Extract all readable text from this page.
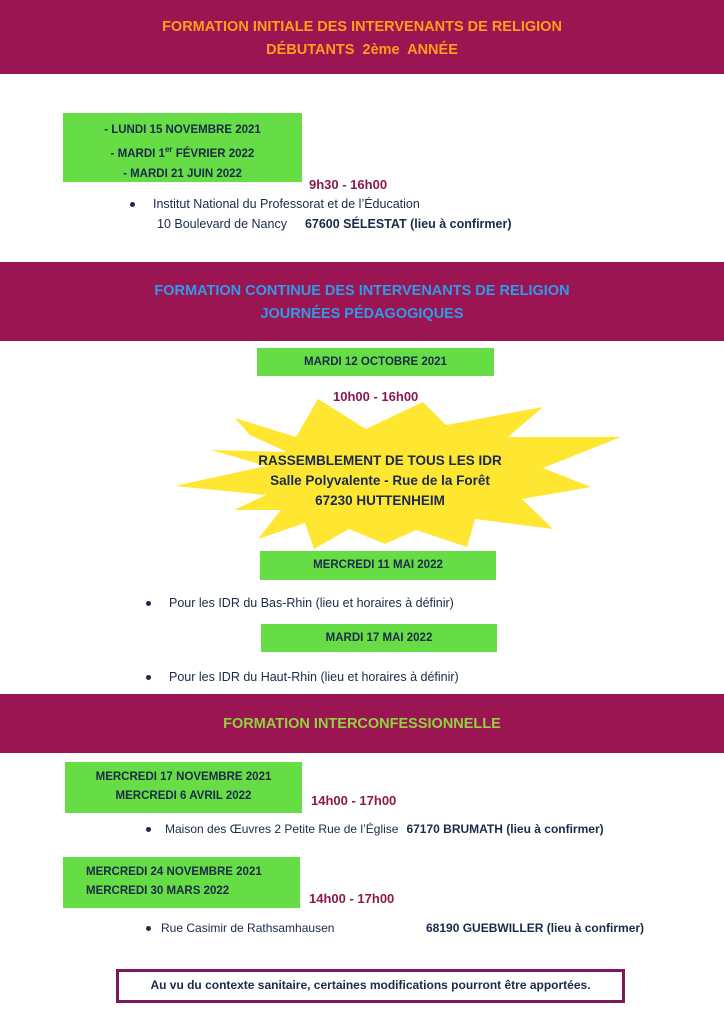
FORMATION INITIALE DES INTERVENANTS DE RELIGION
DÉBUTANTS  2ème  ANNÉE
- LUNDI 15 NOVEMBRE 2021
- MARDI 1er FÉVRIER 2022
- MARDI 21 JUIN 2022
9h30 - 16h00
Institut National du Professorat et de l’Éducation
10 Boulevard de Nancy 67600 SÉLESTAT (lieu à confirmer)
FORMATION CONTINUE DES INTERVENANTS DE RELIGION
JOURNÉES PÉDAGOGIQUES
MARDI 12 OCTOBRE 2021
10h00 - 16h00
RASSEMBLEMENT DE TOUS LES IDR
Salle Polyvalente - Rue de la Forêt
67230 HUTTENHEIM
MERCREDI 11 MAI 2022
Pour les IDR du Bas-Rhin (lieu et horaires à définir)
MARDI 17 MAI 2022
Pour les IDR du Haut-Rhin (lieu et horaires à définir)
FORMATION INTERCONFESSIONNELLE
MERCREDI 17 NOVEMBRE 2021
MERCREDI 6 AVRIL 2022	14h00 - 17h00
Maison des Œuvres 2 Petite Rue de l’Église 67170 BRUMATH (lieu à confirmer)
MERCREDI 24 NOVEMBRE 2021
MERCREDI 30 MARS 2022	14h00 - 17h00
Rue Casimir de Rathsamhausen	68190 GUEBWILLER (lieu à confirmer)
Au vu du contexte sanitaire, certaines modifications pourront être apportées.
